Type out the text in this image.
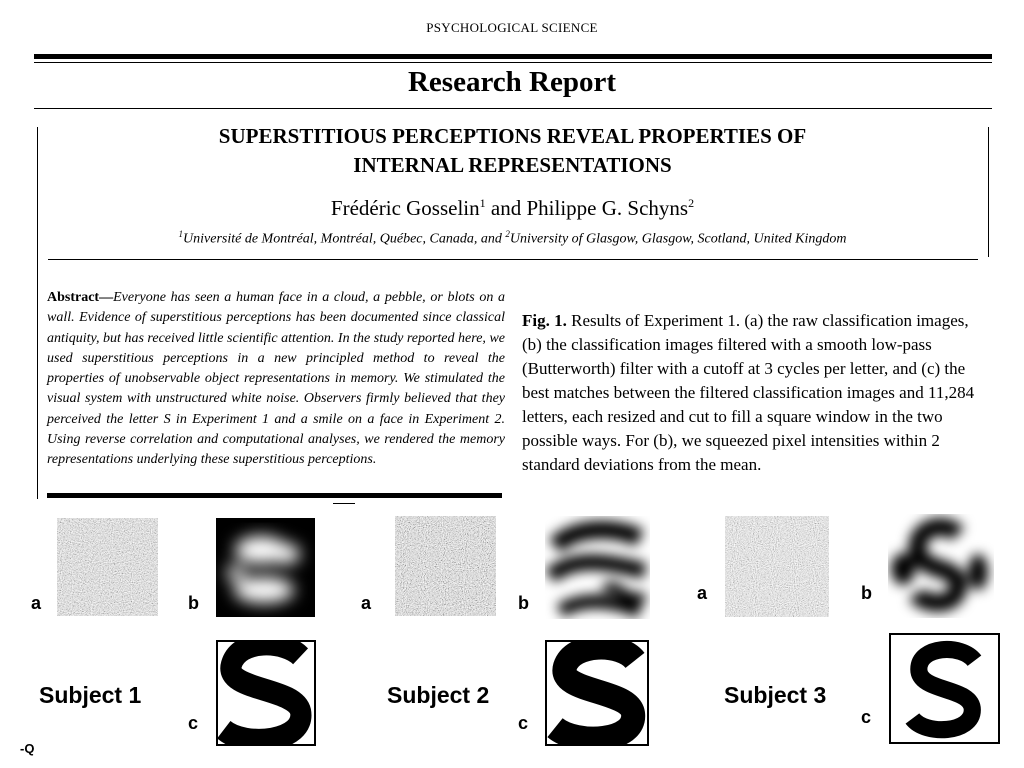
PSYCHOLOGICAL SCIENCE
Research Report
SUPERSTITIOUS PERCEPTIONS REVEAL PROPERTIES OF
INTERNAL REPRESENTATIONS
Frédéric Gosselin$^1$ and Philippe G. Schyns$^2$
$^1$Université de Montréal, Montréal, Québec, Canada, and $^2$University of Glasgow, Glasgow, Scotland, United Kingdom
Abstract—Everyone has seen a human face in a cloud, a pebble, or blots on a wall. Evidence of superstitious perceptions has been documented since classical antiquity, but has received little scientific attention. In the study reported here, we used superstitious perceptions in a new principled method to reveal the properties of unobservable object representations in memory. We stimulated the visual system with unstructured white noise. Observers firmly believed that they perceived the letter S in Experiment 1 and a smile on a face in Experiment 2. Using reverse correlation and computational analyses, we rendered the memory representations underlying these superstitious perceptions.
Fig. 1. Results of Experiment 1. (a) the raw classification images, (b) the classification images filtered with a smooth low-pass (Butterworth) filter with a cutoff at 3 cycles per letter, and (c) the best matches between the filtered classification images and 11,284 letters, each resized and cut to fill a square window in the two possible ways. For (b), we squeezed pixel intensities within 2 standard deviations from the mean.
a	b
c
Subject 1
a	b
c
Subject 2
a	b
c
Subject 3
-Q
